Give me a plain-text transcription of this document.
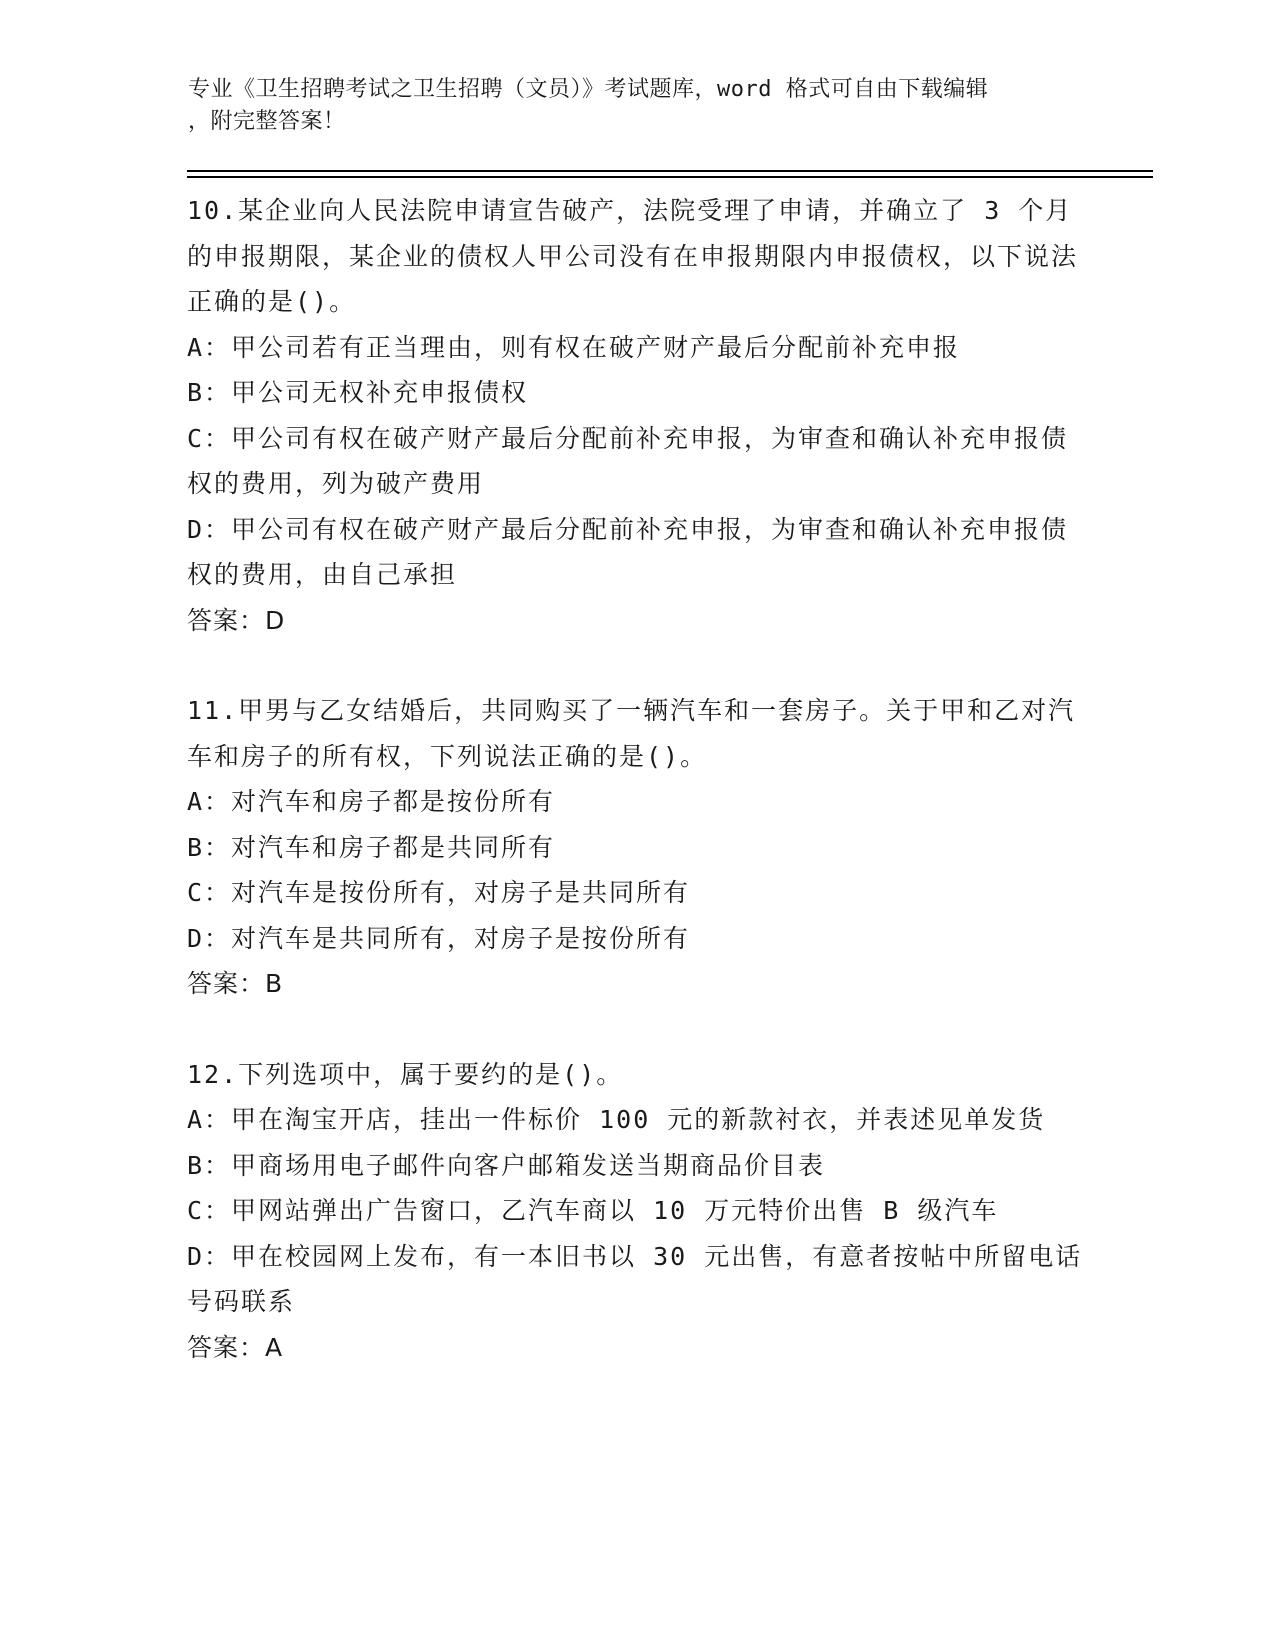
专业《卫生招聘考试之卫生招聘（文员）》考试题库，word 格式可自由下载编辑
，附完整答案！
10.某企业向人民法院申请宣告破产，法院受理了申请，并确立了 3 个月的申报期限，某企业的债权人甲公司没有在申报期限内申报债权，以下说法正确的是()。
A：甲公司若有正当理由，则有权在破产财产最后分配前补充申报
B：甲公司无权补充申报债权
C：甲公司有权在破产财产最后分配前补充申报，为审查和确认补充申报债权的费用，列为破产费用
D：甲公司有权在破产财产最后分配前补充申报，为审查和确认补充申报债权的费用，由自己承担
答案：D
11.甲男与乙女结婚后，共同购买了一辆汽车和一套房子。关于甲和乙对汽车和房子的所有权，下列说法正确的是()。
A：对汽车和房子都是按份所有
B：对汽车和房子都是共同所有
C：对汽车是按份所有，对房子是共同所有
D：对汽车是共同所有，对房子是按份所有
答案：B
12.下列选项中，属于要约的是()。
A：甲在淘宝开店，挂出一件标价 100 元的新款衬衣，并表述见单发货
B：甲商场用电子邮件向客户邮箱发送当期商品价目表
C：甲网站弹出广告窗口，乙汽车商以 10 万元特价出售 B 级汽车
D：甲在校园网上发布，有一本旧书以 30 元出售，有意者按帖中所留电话号码联系
答案：A
